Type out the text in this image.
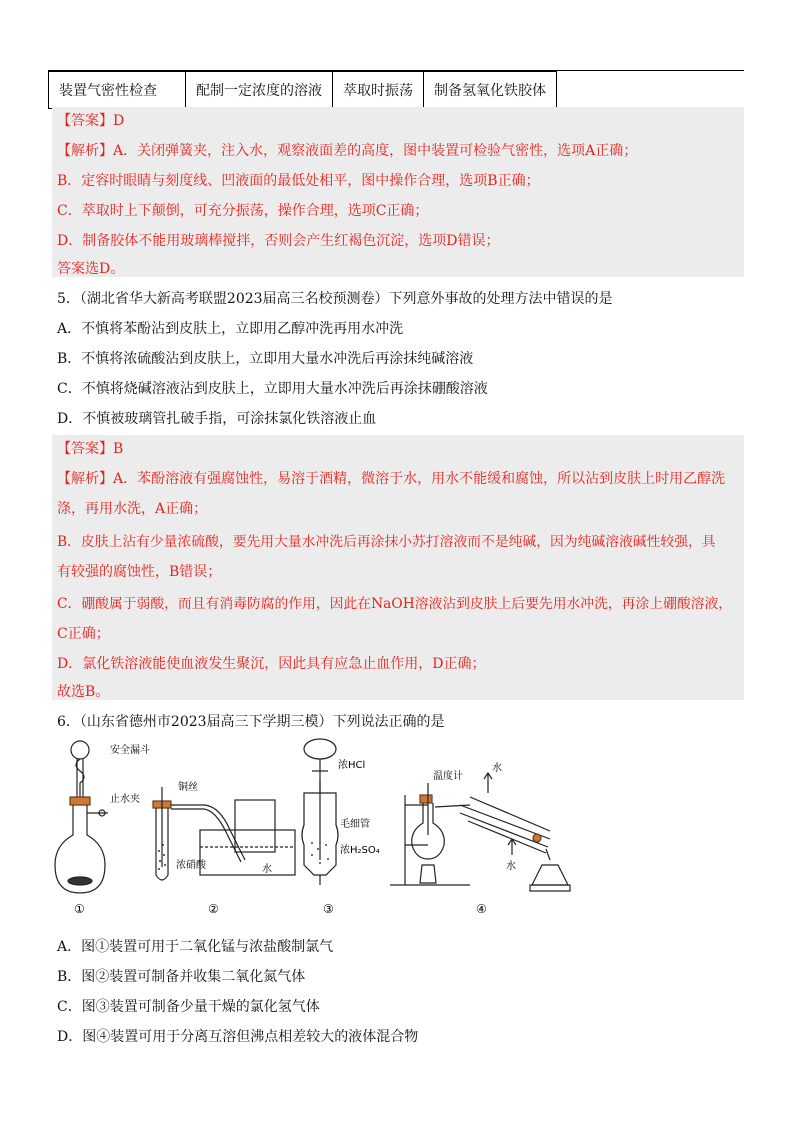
装置气密性检查	配制一定浓度的溶液	萃取时振荡	制备氢氧化铁胶体
【答案】D
【解析】A．关闭弹簧夹，注入水，观察液面差的高度，图中装置可检验气密性，选项A正确；
B．定容时眼睛与刻度线、凹液面的最低处相平，图中操作合理，选项B正确；
C．萃取时上下颠倒，可充分振荡，操作合理，选项C正确；
D．制备胶体不能用玻璃棒搅拌，否则会产生红褐色沉淀，选项D错误；
答案选D。
5．（湖北省华大新高考联盟2023届高三名校预测卷）下列意外事故的处理方法中错误的是
A．不慎将苯酚沾到皮肤上，立即用乙醇冲洗再用水冲洗
B．不慎将浓硫酸沾到皮肤上，立即用大量水冲洗后再涂抹纯碱溶液
C．不慎将烧碱溶液沾到皮肤上，立即用大量水冲洗后再涂抹硼酸溶液
D．不慎被玻璃管扎破手指，可涂抹氯化铁溶液止血
【答案】B
【解析】A．苯酚溶液有强腐蚀性，易溶于酒精，微溶于水，用水不能缓和腐蚀，所以沾到皮肤上时用乙醇洗
涤，再用水洗，A正确；
B．皮肤上沾有少量浓硫酸，要先用大量水冲洗后再涂抹小苏打溶液而不是纯碱，因为纯碱溶液碱性较强，具
有较强的腐蚀性，B错误；
C．硼酸属于弱酸，而且有消毒防腐的作用，因此在NaOH溶液沾到皮肤上后要先用水冲洗，再涂上硼酸溶液，
C正确；
D．氯化铁溶液能使血液发生聚沉，因此具有应急止血作用，D正确；
故选B。
6．（山东省德州市2023届高三下学期三模）下列说法正确的是
安全漏斗
止水夹
铜丝
浓硝酸	水
浓HCl
毛细管
浓H₂SO₄
温度计
水
水
①	②	③	④
A．图①装置可用于二氧化锰与浓盐酸制氯气
B．图②装置可制备并收集二氧化氮气体
C．图③装置可制备少量干燥的氯化氢气体
D．图④装置可用于分离互溶但沸点相差较大的液体混合物
